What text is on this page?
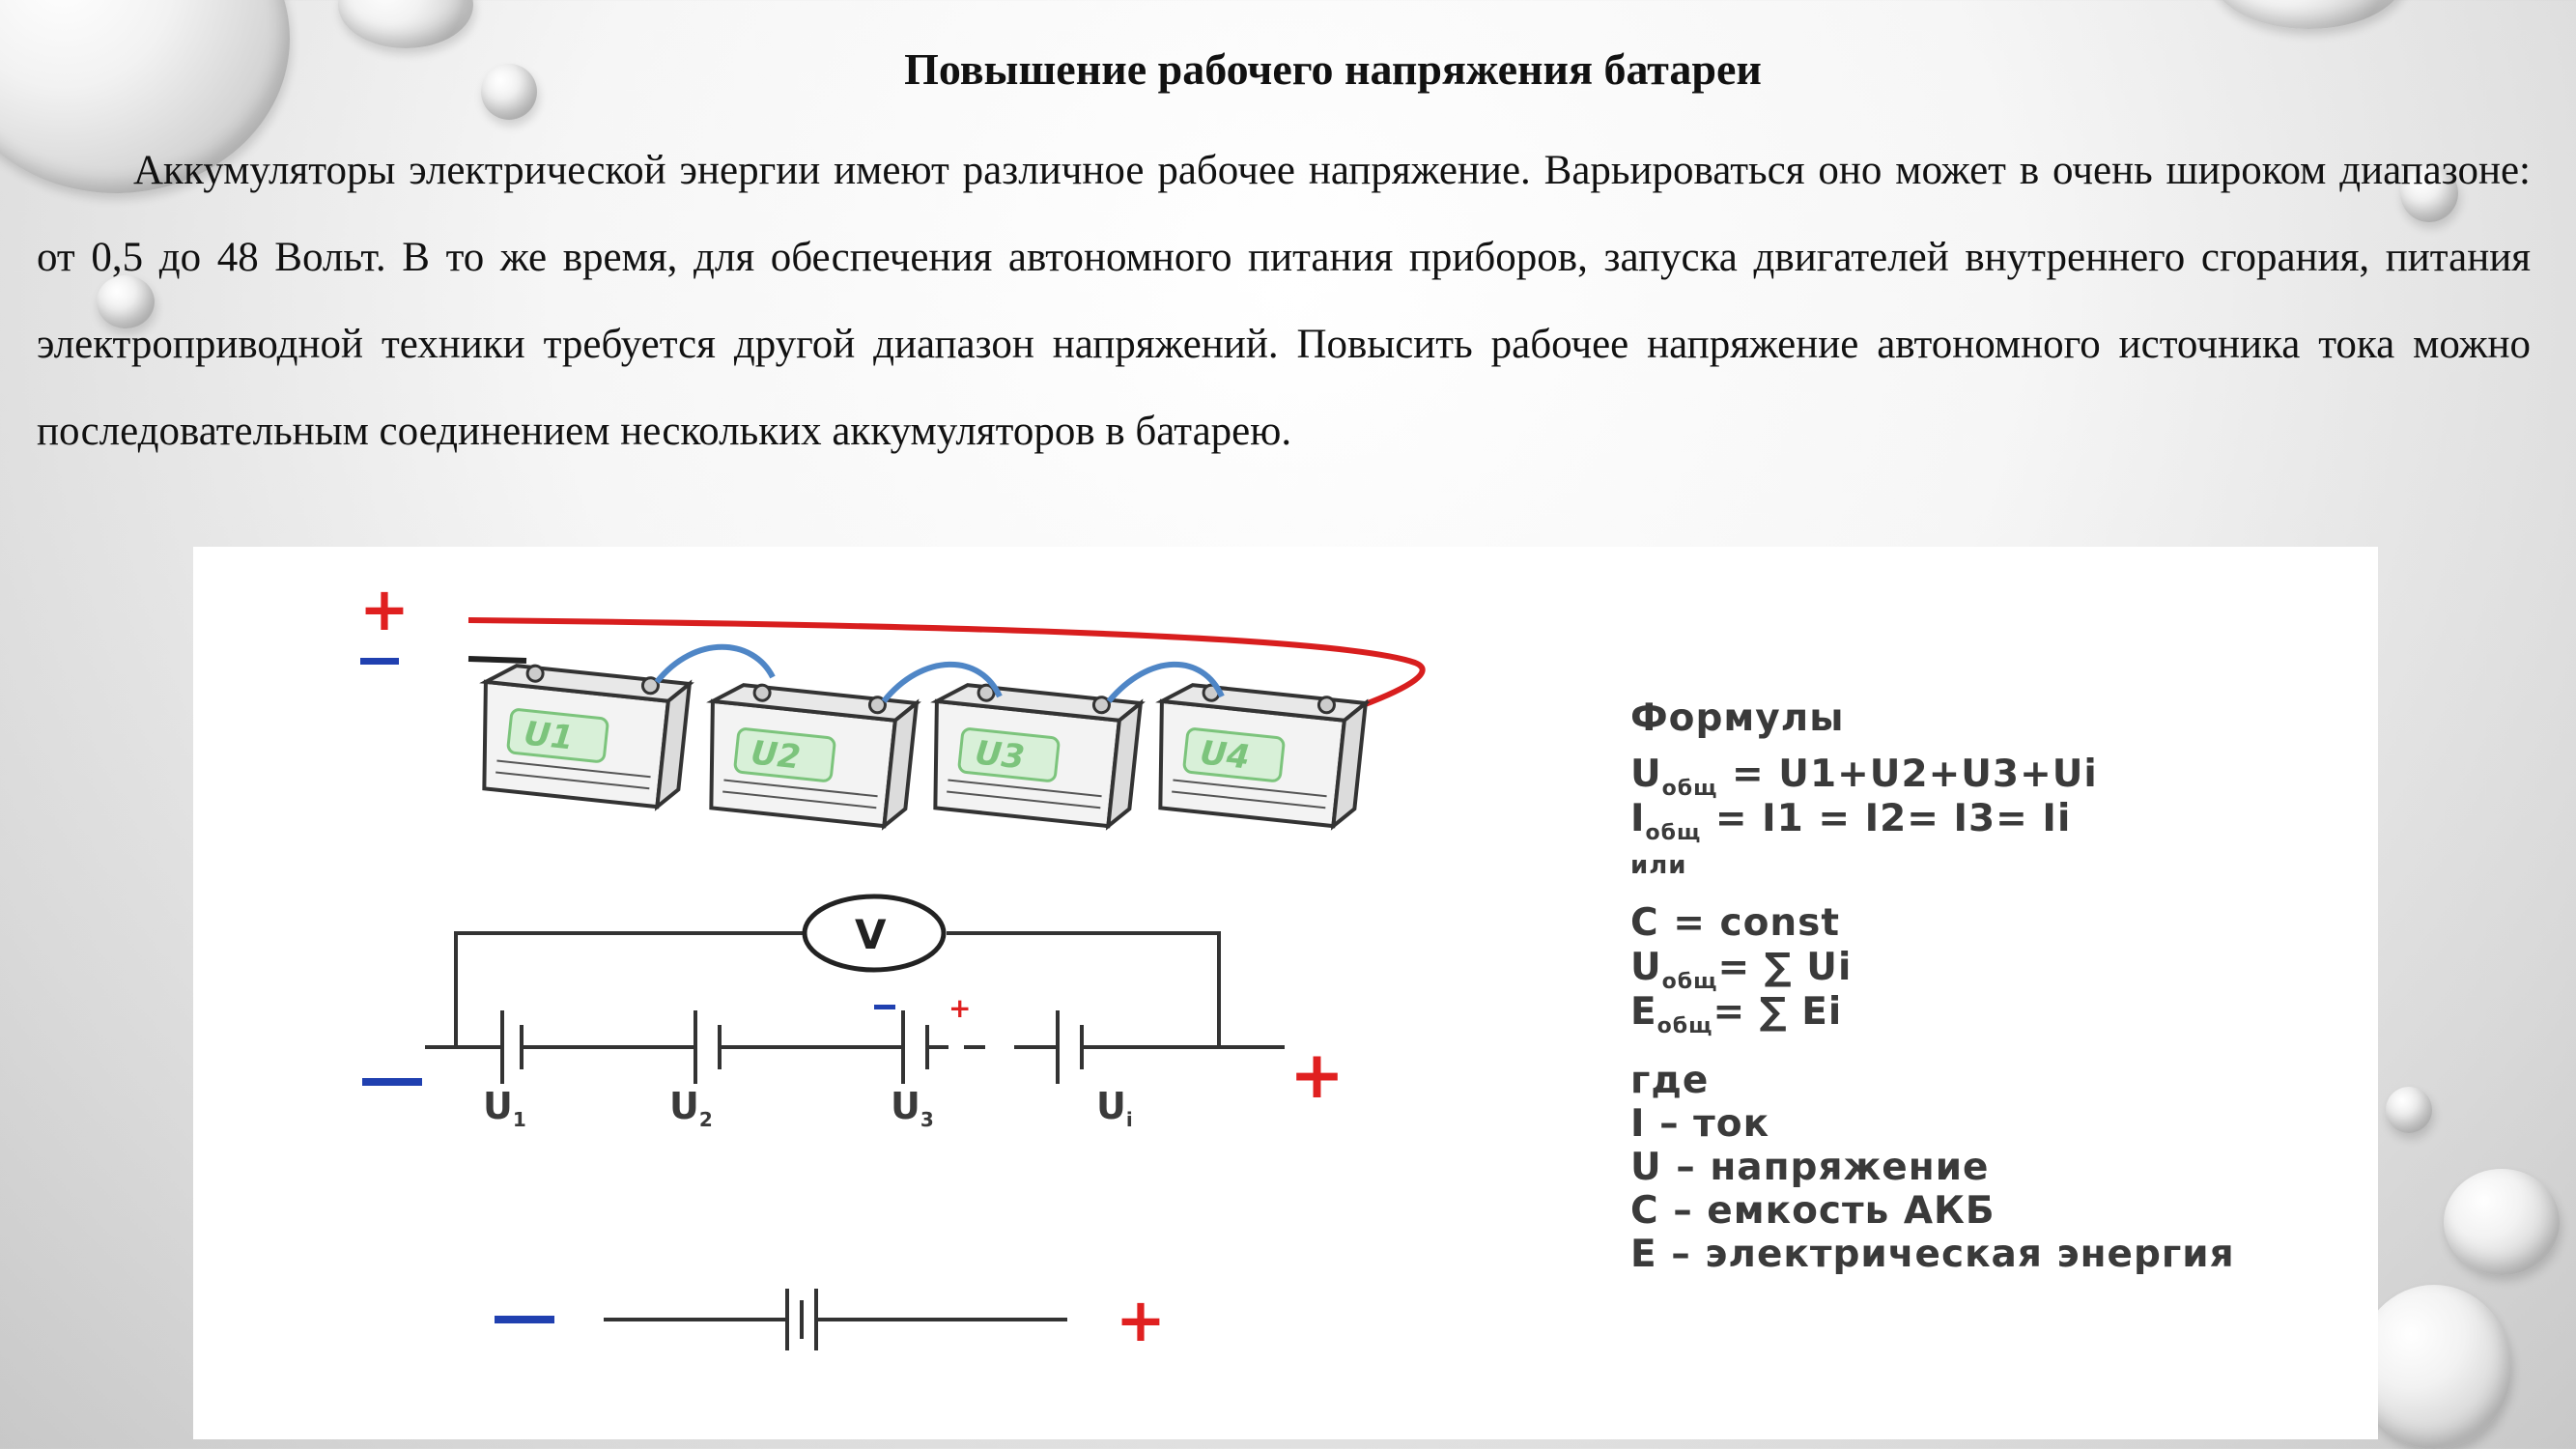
Повышение рабочего напряжения батареи

Аккумуляторы электрической энергии имеют различное рабочее напряжение. Варьироваться оно может в очень широком диапазоне: от 0,5 до 48 Вольт. В то же время, для обеспечения автономного питания приборов, запуска двигателей внутреннего сгорания, питания электроприводной техники требуется другой диапазон напряжений. Повысить рабочее напряжение автономного источника тока можно последовательным соединением нескольких аккумуляторов в батарею.

+
U1	U2	U3	U4
V
+
+
$U_1$	$U_2$	$U_3$	$U_i$
+
Формулы
$U_{общ} = U1+U2+U3+Ui$
$I_{общ} = I1 = I2= I3= Ii$
или
C = const
$U_{общ}=$ ∑ Ui
$E_{общ}=$ ∑ Ei
где
I – ток
U – напряжение
С – емкость АКБ
Е – электрическая энергия
